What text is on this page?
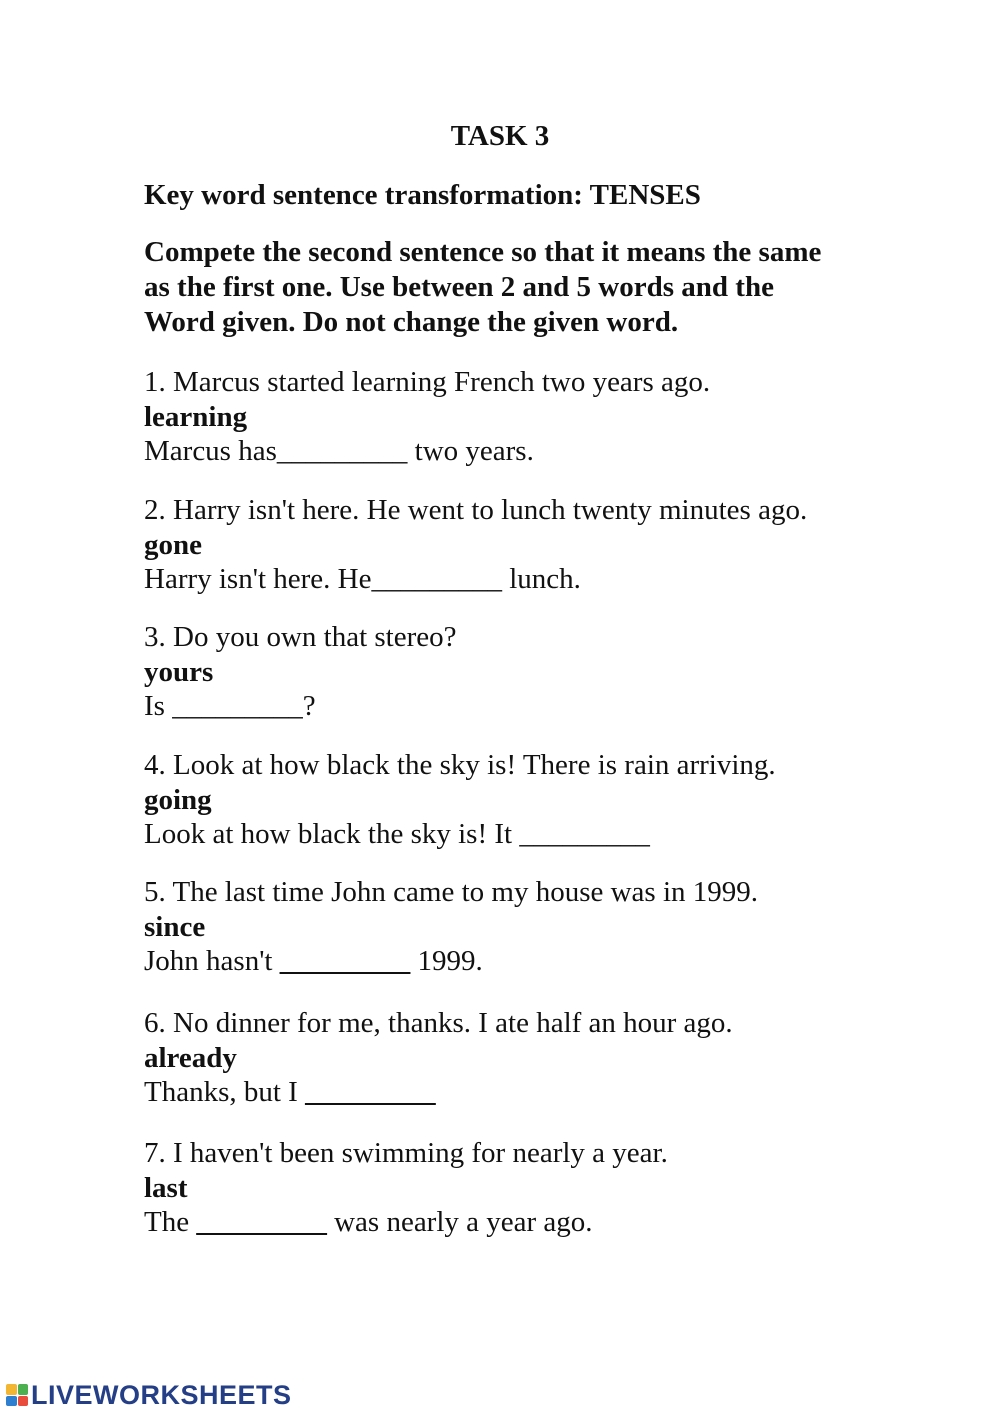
TASK 3
Key word sentence transformation: TENSES
Compete the second sentence so that it means the same
as the first one. Use between 2 and 5 words and the
Word given. Do not change the given word.
1. Marcus started learning French two years ago.
learning
Marcus has_________ two years.
2. Harry isn't here. He went to lunch twenty minutes ago.
gone
Harry isn't here. He_________ lunch.
3. Do you own that stereo?
yours
Is _________?
4. Look at how black the sky is! There is rain arriving.
going
Look at how black the sky is! It _________
5. The last time John came to my house was in 1999.
since
John hasn't _________ 1999.
6. No dinner for me, thanks. I ate half an hour ago.
already
Thanks, but I _________
7. I haven't been swimming for nearly a year.
last
The _________ was nearly a year ago.
LIVEWORKSHEETS
